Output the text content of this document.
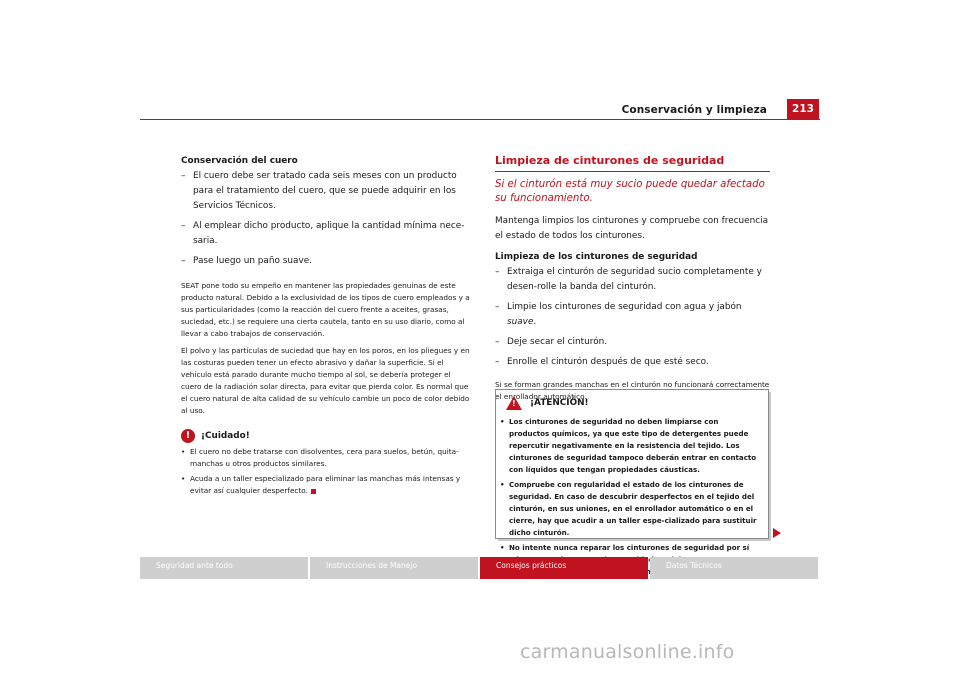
Conservación y limpieza	213

Conservación del cuero

– El cuero debe ser tratado cada seis meses con un producto para el tratamiento del cuero, que se puede adquirir en los Servicios Técnicos.
– Al emplear dicho producto, aplique la cantidad mínima nece-saria.
– Pase luego un paño suave.

SEAT pone todo su empeño en mantener las propiedades genuinas de este producto natural. Debido a la exclusividad de los tipos de cuero empleados y a sus particularidades (como la reacción del cuero frente a aceites, grasas, suciedad, etc.) se requiere una cierta cautela, tanto en su uso diario, como al llevar a cabo trabajos de conservación.

El polvo y las partículas de suciedad que hay en los poros, en los pliegues y en las costuras pueden tener un efecto abrasivo y dañar la superficie. Si el vehículo está parado durante mucho tiempo al sol, se debería proteger el cuero de la radiación solar directa, para evitar que pierda color. Es normal que el cuero natural de alta calidad de su vehículo cambie un poco de color debido al uso.

!	¡Cuidado!
• El cuero no debe tratarse con disolventes, cera para suelos, betún, quita-manchas u otros productos similares.
• Acuda a un taller especializado para eliminar las manchas más intensas y evitar así cualquier desperfecto.

Limpieza de cinturones de seguridad

Si el cinturón está muy sucio puede quedar afectado su funcionamiento.

Mantenga limpios los cinturones y compruebe con frecuencia el estado de todos los cinturones.

Limpieza de los cinturones de seguridad

– Extraiga el cinturón de seguridad sucio completamente y desen-rolle la banda del cinturón.
– Limpie los cinturones de seguridad con agua y jabón suave.
– Deje secar el cinturón.
– Enrolle el cinturón después de que esté seco.

Si se forman grandes manchas en el cinturón no funcionará correctamente el enrollador automático.

! ¡ATENCIÓN!
• Los cinturones de seguridad no deben limpiarse con productos químicos, ya que este tipo de detergentes puede repercutir negativamente en la resistencia del tejido. Los cinturones de seguridad tampoco deberán entrar en contacto con líquidos que tengan propiedades cáusticas.
• Compruebe con regularidad el estado de los cinturones de seguridad. En caso de descubrir desperfectos en el tejido del cinturón, en sus uniones, en el enrollador automático o en el cierre, hay que acudir a un taller espe-cializado para sustituir dicho cinturón.
• No intente nunca reparar los cinturones de seguridad por sí
Seguridad ante todo	Instrucciones de Manejo	Consejos prácticos	Datos Técnicos
carmanualsonline.info
